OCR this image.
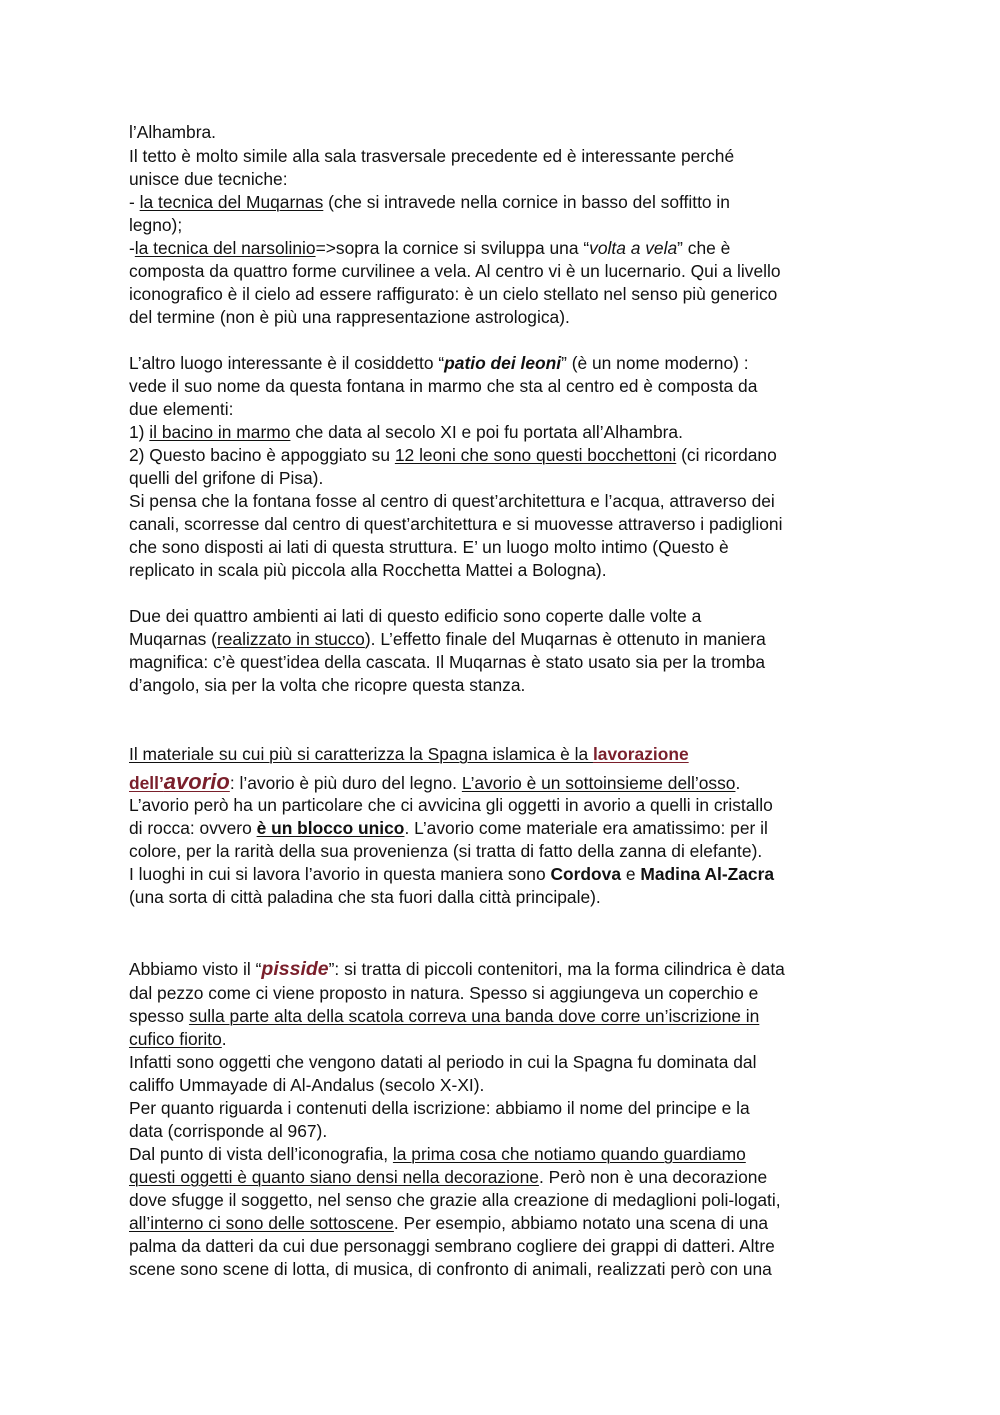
l’Alhambra.
Il tetto è molto simile alla sala trasversale precedente ed è interessante perché
unisce due tecniche:
- la tecnica del Muqarnas (che si intravede nella cornice in basso del soffitto in
legno);
-la tecnica del narsolinio=>sopra la cornice si sviluppa una “volta a vela” che è
composta da quattro forme curvilinee a vela. Al centro vi è un lucernario. Qui a livello
iconografico è il cielo ad essere raffigurato: è un cielo stellato nel senso più generico
del termine (non è più una rappresentazione astrologica).
L’altro luogo interessante è il cosiddetto “patio dei leoni” (è un nome moderno) :
vede il suo nome da questa fontana in marmo che sta al centro ed è composta da
due elementi:
1) il bacino in marmo che data al secolo XI e poi fu portata all’Alhambra.
2) Questo bacino è appoggiato su 12 leoni che sono questi bocchettoni (ci ricordano
quelli del grifone di Pisa).
Si pensa che la fontana fosse al centro di quest’architettura e l’acqua, attraverso dei
canali, scorresse dal centro di quest’architettura e si muovesse attraverso i padiglioni
che sono disposti ai lati di questa struttura. E’ un luogo molto intimo (Questo è
replicato in scala più piccola alla Rocchetta Mattei a Bologna).
Due dei quattro ambienti ai lati di questo edificio sono coperte dalle volte a
Muqarnas (realizzato in stucco). L’effetto finale del Muqarnas è ottenuto in maniera
magnifica: c’è quest’idea della cascata. Il Muqarnas è stato usato sia per la tromba
d’angolo, sia per la volta che ricopre questa stanza.
Il materiale su cui più si caratterizza la Spagna islamica è la lavorazione
dell’avorio: l’avorio è più duro del legno. L’avorio è un sottoinsieme dell’osso.
L’avorio però ha un particolare che ci avvicina gli oggetti in avorio a quelli in cristallo
di rocca: ovvero è un blocco unico. L’avorio come materiale era amatissimo: per il
colore, per la rarità della sua provenienza (si tratta di fatto della zanna di elefante).
I luoghi in cui si lavora l’avorio in questa maniera sono Cordova e Madina Al-Zacra
(una sorta di città paladina che sta fuori dalla città principale).
Abbiamo visto il “pisside”: si tratta di piccoli contenitori, ma la forma cilindrica è data
dal pezzo come ci viene proposto in natura. Spesso si aggiungeva un coperchio e
spesso sulla parte alta della scatola correva una banda dove corre un’iscrizione in
cufico fiorito.
Infatti sono oggetti che vengono datati al periodo in cui la Spagna fu dominata dal
califfo Ummayade di Al-Andalus (secolo X-XI).
Per quanto riguarda i contenuti della iscrizione: abbiamo il nome del principe e la
data (corrisponde al 967).
Dal punto di vista dell’iconografia, la prima cosa che notiamo quando guardiamo
questi oggetti è quanto siano densi nella decorazione. Però non è una decorazione
dove sfugge il soggetto, nel senso che grazie alla creazione di medaglioni poli-logati,
all’interno ci sono delle sottoscene. Per esempio, abbiamo notato una scena di una
palma da datteri da cui due personaggi sembrano cogliere dei grappi di datteri. Altre
scene sono scene di lotta, di musica, di confronto di animali, realizzati però con una
